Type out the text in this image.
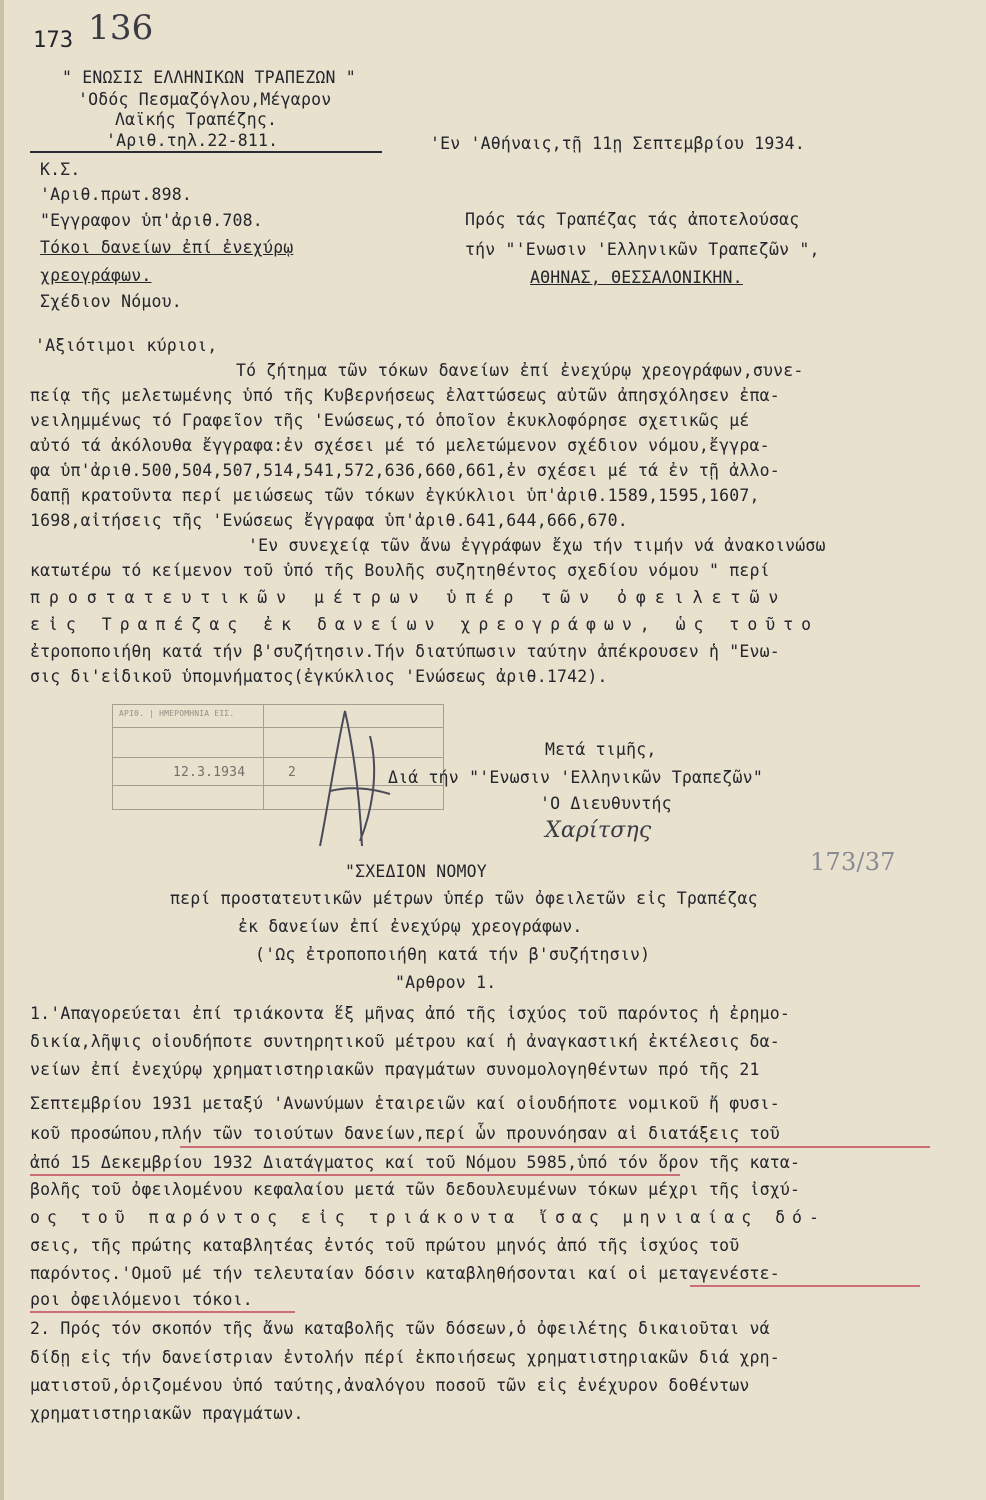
173 136
" ΕΝΩΣΙΣ ΕΛΛΗΝΙΚΩΝ ΤΡΑΠΕΖΩΝ "
'Οδός Πεσμαζόγλου,Μέγαρον
Λαϊκής Τραπέζης.
'Αριθ.τηλ.22-811.	'Εν 'Αθήναις,τῇ 11ῃ Σεπτεμβρίου 1934.
Κ.Σ.
'Αριθ.πρωτ.898.
"Εγγραφον ὑπ'ἀριθ.708.
Τόκοι δανείων ἐπί ἐνεχύρῳ
χρεογράφων.
Σχέδιον Νόμου.
Πρός τάς Τραπέζας τάς ἀποτελούσας
τήν "'Ενωσιν 'Ελληνικῶν Τραπεζῶν ",
ΑΘΗΝΑΣ, ΘΕΣΣΑΛΟΝΙΚΗΝ.
'Αξιότιμοι κύριοι,
Τό ζήτημα τῶν τόκων δανείων ἐπί ἐνεχύρῳ χρεογράφων,συνε-
πείᾳ τῆς μελετωμένης ὑπό τῆς Κυβερνήσεως ἐλαττώσεως αὐτῶν ἀπησχόλησεν ἐπα-
νειλημμένως τό Γραφεῖον τῆς 'Ενώσεως,τό ὁποῖον ἐκυκλοφόρησε σχετικῶς μέ
αὐτό τά ἀκόλουθα ἔγγραφα:ἐν σχέσει μέ τό μελετώμενον σχέδιον νόμου,ἔγγρα-
φα ὑπ'ἀριθ.500,504,507,514,541,572,636,660,661,ἐν σχέσει μέ τά ἐν τῇ ἀλλο-
δαπῇ κρατοῦντα περί μειώσεως τῶν τόκων ἐγκύκλιοι ὑπ'ἀριθ.1589,1595,1607,
1698,αἰτήσεις τῆς 'Ενώσεως ἔγγραφα ὑπ'ἀριθ.641,644,666,670.
'Εν συνεχείᾳ τῶν ἄνω ἐγγράφων ἔχω τήν τιμήν νά ἀνακοινώσω
κατωτέρω τό κείμενον τοῦ ὑπό τῆς Βουλῆς συζητηθέντος σχεδίου νόμου " περί
προστατευτικῶν μέτρων ὑπέρ τῶν ὀφειλετῶν
εἰς Τραπέζας ἐκ δανείων χρεογράφων, ὡς τοῦτο
ἐτροποποιήθη κατά τήν β'συζήτησιν.Τήν διατύπωσιν ταύτην ἀπέκρουσεν ἡ "Ενω-
σις δι'εἰδικοῦ ὑπομνήματος(ἐγκύκλιος 'Ενώσεως ἀριθ.1742).
ΑΡΙΘ. | ΗΜΕΡΟΜΗΝΙΑ ΕΙΣ.
12.3.1934	2
Μετά τιμῆς,
Διά τήν "'Ενωσιν 'Ελληνικῶν Τραπεζῶν"
'Ο Διευθυντής
Χαρίτσης
173/37
"ΣΧΕΔΙΟΝ ΝΟΜΟΥ
περί προστατευτικῶν μέτρων ὑπέρ τῶν ὀφειλετῶν εἰς Τραπέζας
ἐκ δανείων ἐπί ἐνεχύρῳ χρεογράφων.
('Ως ἐτροποποιήθη κατά τήν β'συζήτησιν)
"Αρθρον 1.
1.'Απαγορεύεται ἐπί τριάκοντα ἕξ μῆνας ἀπό τῆς ἰσχύος τοῦ παρόντος ἡ ἐρημο-
δικία,λῆψις οἱουδήποτε συντηρητικοῦ μέτρου καί ἡ ἀναγκαστική ἐκτέλεσις δα-
νείων ἐπί ἐνεχύρῳ χρηματιστηριακῶν πραγμάτων συνομολογηθέντων πρό τῆς 21
Σεπτεμβρίου 1931 μεταξύ 'Ανωνύμων ἑταιρειῶν καί οἱουδήποτε νομικοῦ ἤ φυσι-
κοῦ προσώπου,πλήν τῶν τοιούτων δανείων,περί ὧν προυνόησαν αἱ διατάξεις τοῦ
ἀπό 15 Δεκεμβρίου 1932 Διατάγματος καί τοῦ Νόμου 5985,ὑπό τόν ὅρον τῆς κατα-
βολῆς τοῦ ὀφειλομένου κεφαλαίου μετά τῶν δεδουλευμένων τόκων μέχρι τῆς ἰσχύ-
ος τοῦ παρόντος εἰς τριάκοντα ἴσας μηνιαίας δό-
σεις, τῆς πρώτης καταβλητέας ἐντός τοῦ πρώτου μηνός ἀπό τῆς ἰσχύος τοῦ
παρόντος.'Ομοῦ μέ τήν τελευταίαν δόσιν καταβληθήσονται καί οἱ μεταγενέστε-
ροι ὀφειλόμενοι τόκοι.
2. Πρός τόν σκοπόν τῆς ἄνω καταβολῆς τῶν δόσεων,ὁ ὀφειλέτης δικαιοῦται νά
δίδῃ εἰς τήν δανείστριαν ἐντολήν πέρί ἐκποιήσεως χρηματιστηριακῶν διά χρη-
ματιστοῦ,ὁριζομένου ὑπό ταύτης,ἀναλόγου ποσοῦ τῶν εἰς ἐνέχυρον δοθέντων
χρηματιστηριακῶν πραγμάτων.
